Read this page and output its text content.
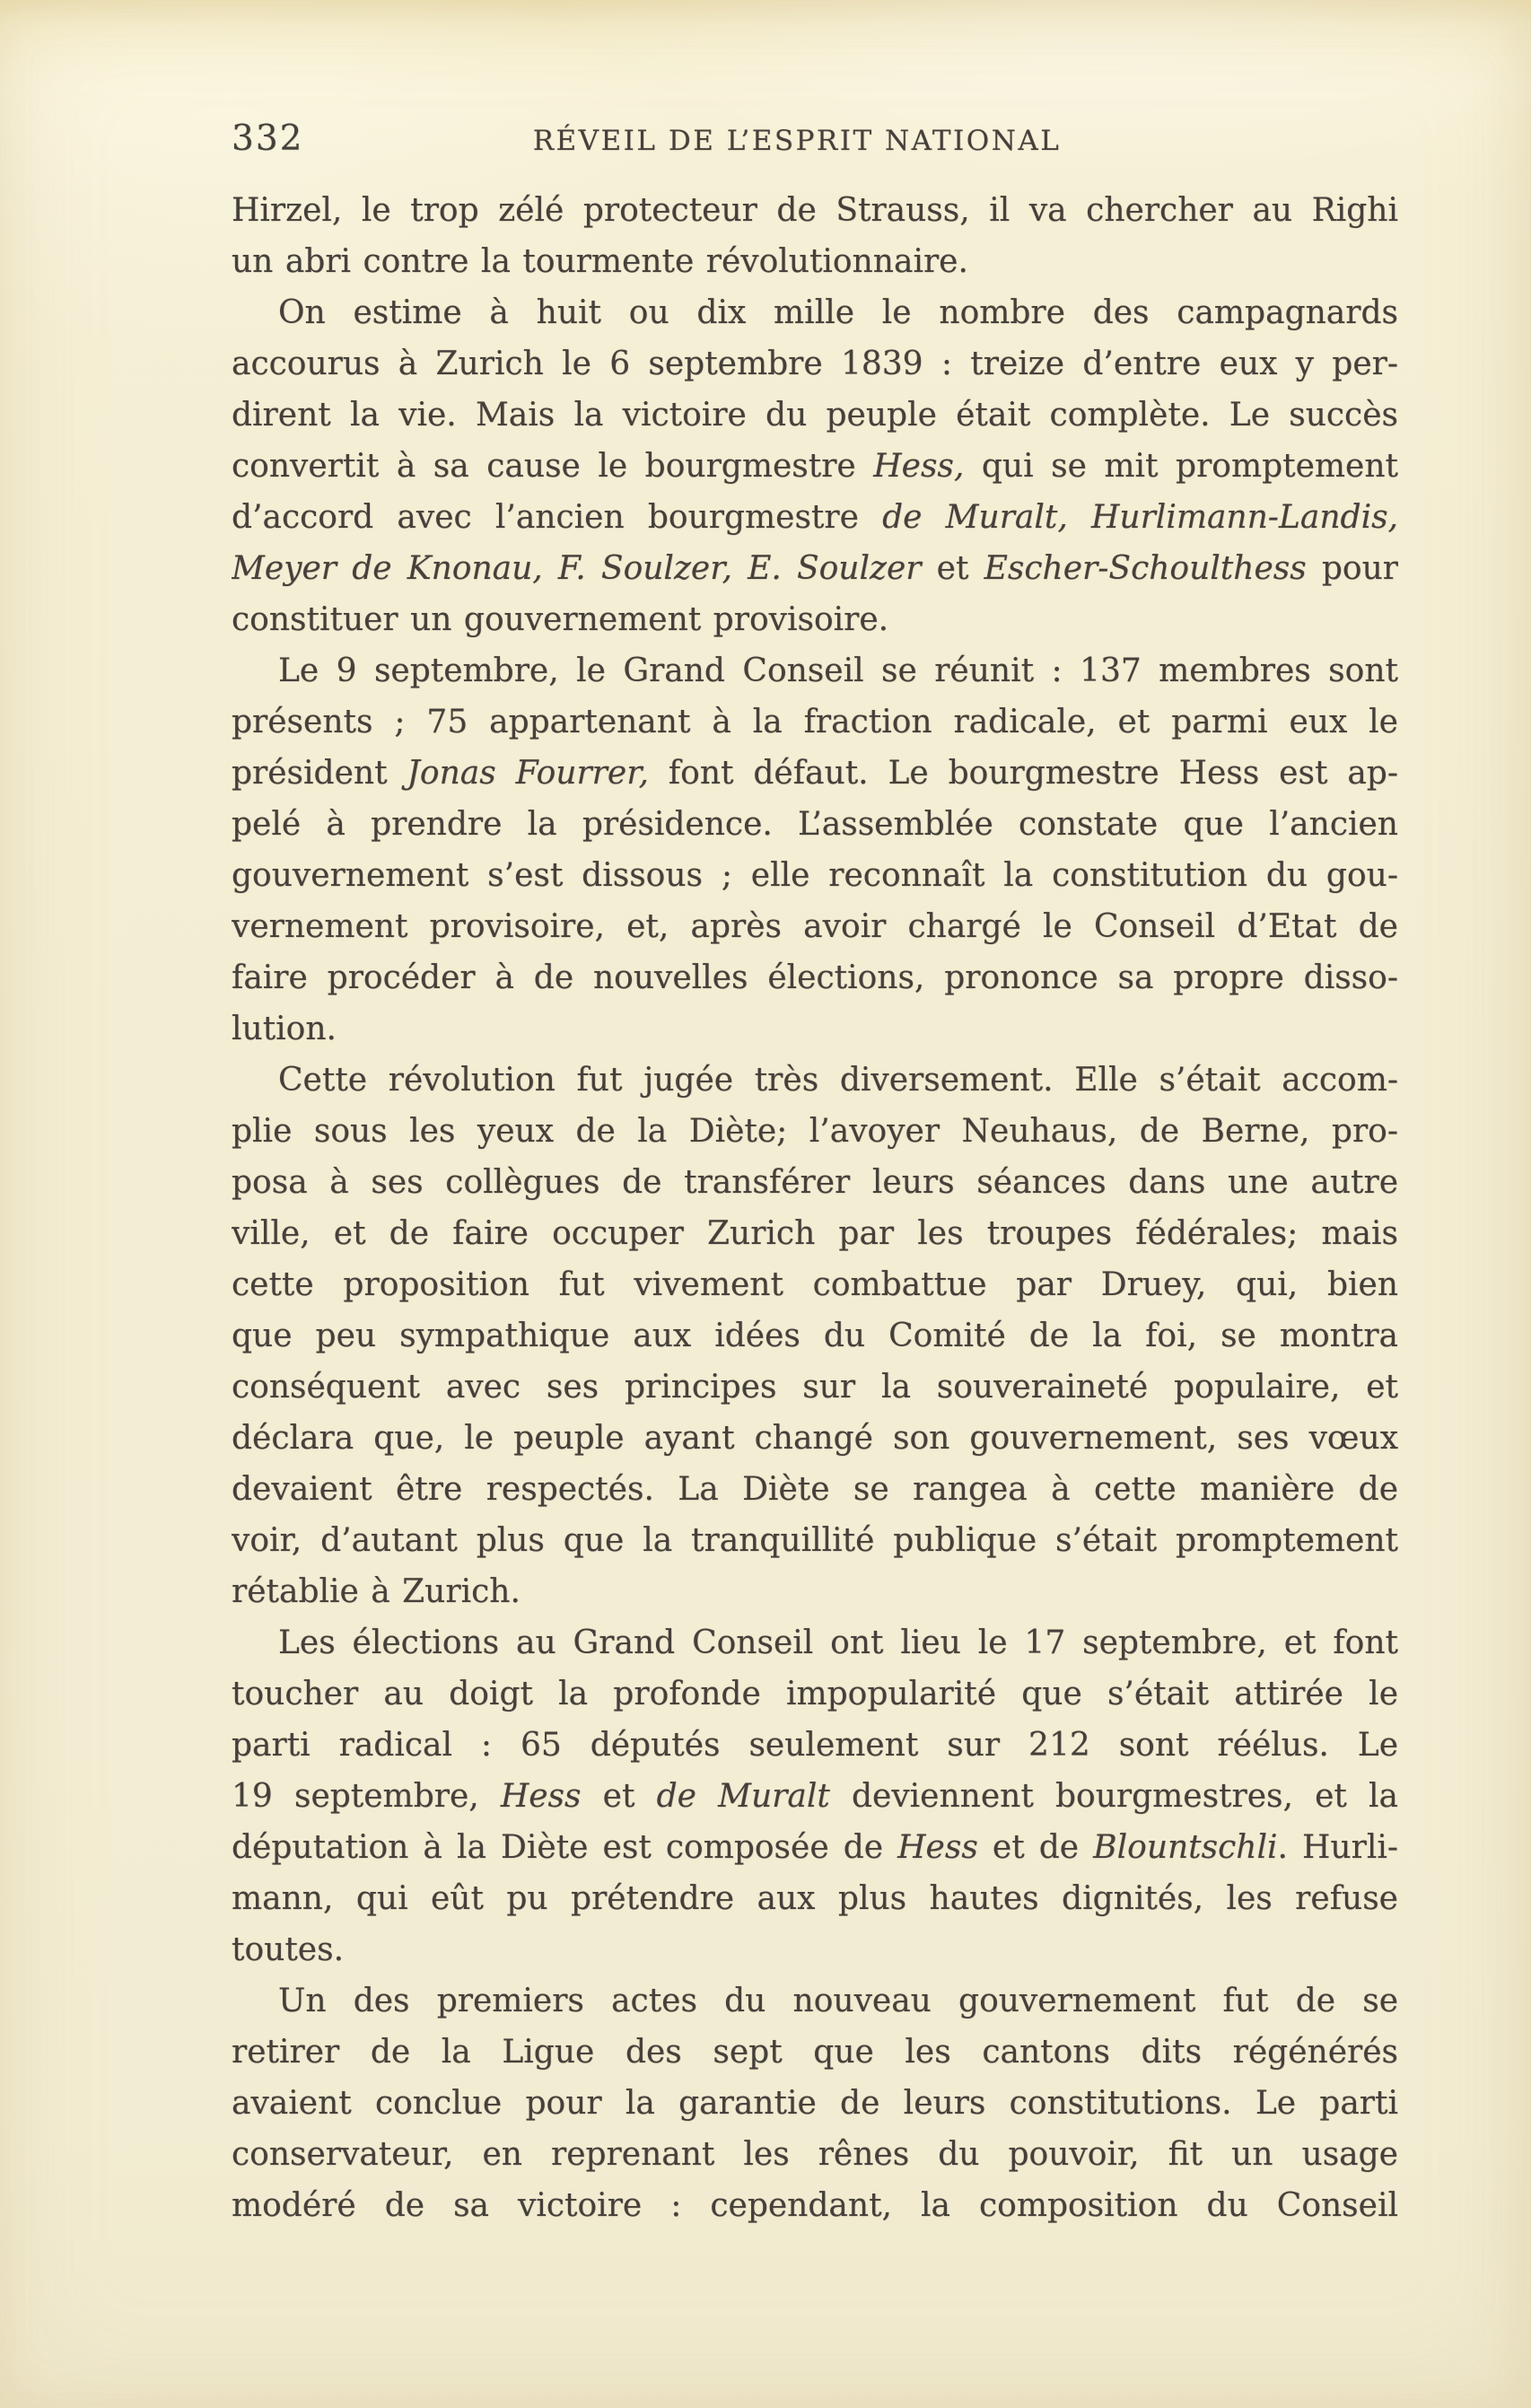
332	RÉVEIL DE L’ESPRIT NATIONAL
Hirzel, le trop zélé protecteur de Strauss, il va chercher au Righi
un abri contre la tourmente révolutionnaire.
On estime à huit ou dix mille le nombre des campagnards
accourus à Zurich le 6 septembre 1839 : treize d’entre eux y per-
dirent la vie. Mais la victoire du peuple était complète. Le succès
convertit à sa cause le bourgmestre Hess, qui se mit promptement
d’accord avec l’ancien bourgmestre de Muralt, Hurlimann-Landis,
Meyer de Knonau, F. Soulzer, E. Soulzer et Escher-Schoulthess pour
constituer un gouvernement provisoire.
Le 9 septembre, le Grand Conseil se réunit : 137 membres sont
présents ; 75 appartenant à la fraction radicale, et parmi eux le
président Jonas Fourrer, font défaut. Le bourgmestre Hess est ap-
pelé à prendre la présidence. L’assemblée constate que l’ancien
gouvernement s’est dissous ; elle reconnaît la constitution du gou-
vernement provisoire, et, après avoir chargé le Conseil d’Etat de
faire procéder à de nouvelles élections, prononce sa propre disso-
lution.
Cette révolution fut jugée très diversement. Elle s’était accom-
plie sous les yeux de la Diète; l’avoyer Neuhaus, de Berne, pro-
posa à ses collègues de transférer leurs séances dans une autre
ville, et de faire occuper Zurich par les troupes fédérales; mais
cette proposition fut vivement combattue par Druey, qui, bien
que peu sympathique aux idées du Comité de la foi, se montra
conséquent avec ses principes sur la souveraineté populaire, et
déclara que, le peuple ayant changé son gouvernement, ses vœux
devaient être respectés. La Diète se rangea à cette manière de
voir, d’autant plus que la tranquillité publique s’était promptement
rétablie à Zurich.
Les élections au Grand Conseil ont lieu le 17 septembre, et font
toucher au doigt la profonde impopularité que s’était attirée le
parti radical : 65 députés seulement sur 212 sont réélus. Le
19 septembre, Hess et de Muralt deviennent bourgmestres, et la
députation à la Diète est composée de Hess et de Blountschli. Hurli-
mann, qui eût pu prétendre aux plus hautes dignités, les refuse
toutes.
Un des premiers actes du nouveau gouvernement fut de se
retirer de la Ligue des sept que les cantons dits régénérés
avaient conclue pour la garantie de leurs constitutions. Le parti
conservateur, en reprenant les rênes du pouvoir, fit un usage
modéré de sa victoire : cependant, la composition du Conseil
